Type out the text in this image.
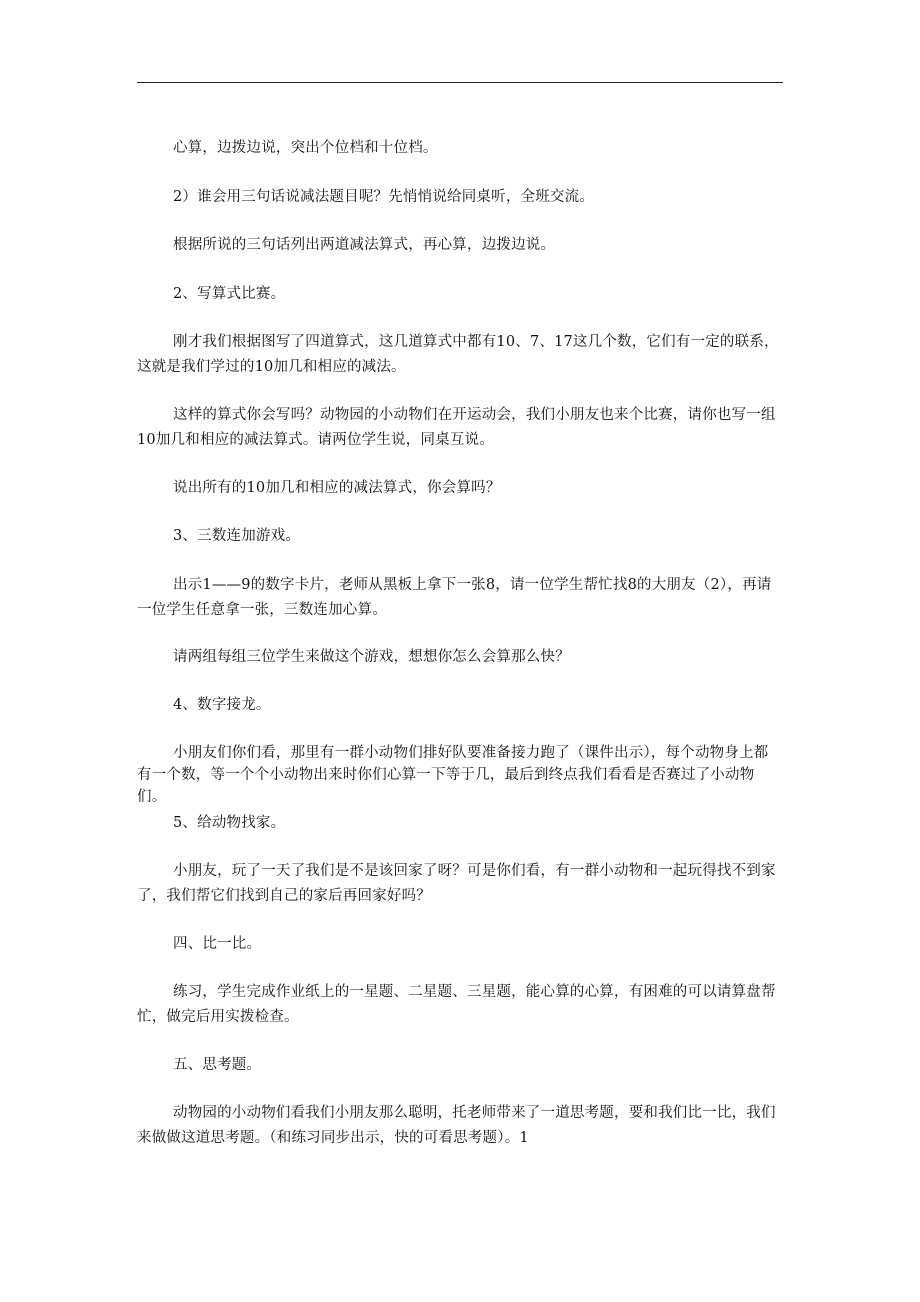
心算，边拨边说，突出个位档和十位档。

2）谁会用三句话说减法题目呢？先悄悄说给同桌听，全班交流。

根据所说的三句话列出两道减法算式，再心算，边拨边说。

2、写算式比赛。

刚才我们根据图写了四道算式，这几道算式中都有10、7、17这几个数，它们有一定的联系，这就是我们学过的10加几和相应的减法。

这样的算式你会写吗？动物园的小动物们在开运动会，我们小朋友也来个比赛，请你也写一组10加几和相应的减法算式。请两位学生说，同桌互说。

说出所有的10加几和相应的减法算式，你会算吗？

3、三数连加游戏。

出示1——9的数字卡片，老师从黑板上拿下一张8，请一位学生帮忙找8的大朋友（2），再请一位学生任意拿一张，三数连加心算。

请两组每组三位学生来做这个游戏，想想你怎么会算那么快？

4、数字接龙。

小朋友们你们看，那里有一群小动物们排好队要准备接力跑了（课件出示），每个动物身上都有一个数，等一个个小动物出来时你们心算一下等于几，最后到终点我们看看是否赛过了小动物们。

5、给动物找家。

小朋友，玩了一天了我们是不是该回家了呀？可是你们看，有一群小动物和一起玩得找不到家了，我们帮它们找到自己的家后再回家好吗？

四、比一比。

练习，学生完成作业纸上的一星题、二星题、三星题，能心算的心算，有困难的可以请算盘帮忙，做完后用实拨检查。

五、思考题。

动物园的小动物们看我们小朋友那么聪明，托老师带来了一道思考题，要和我们比一比，我们来做做这道思考题。（和练习同步出示，快的可看思考题）。1
